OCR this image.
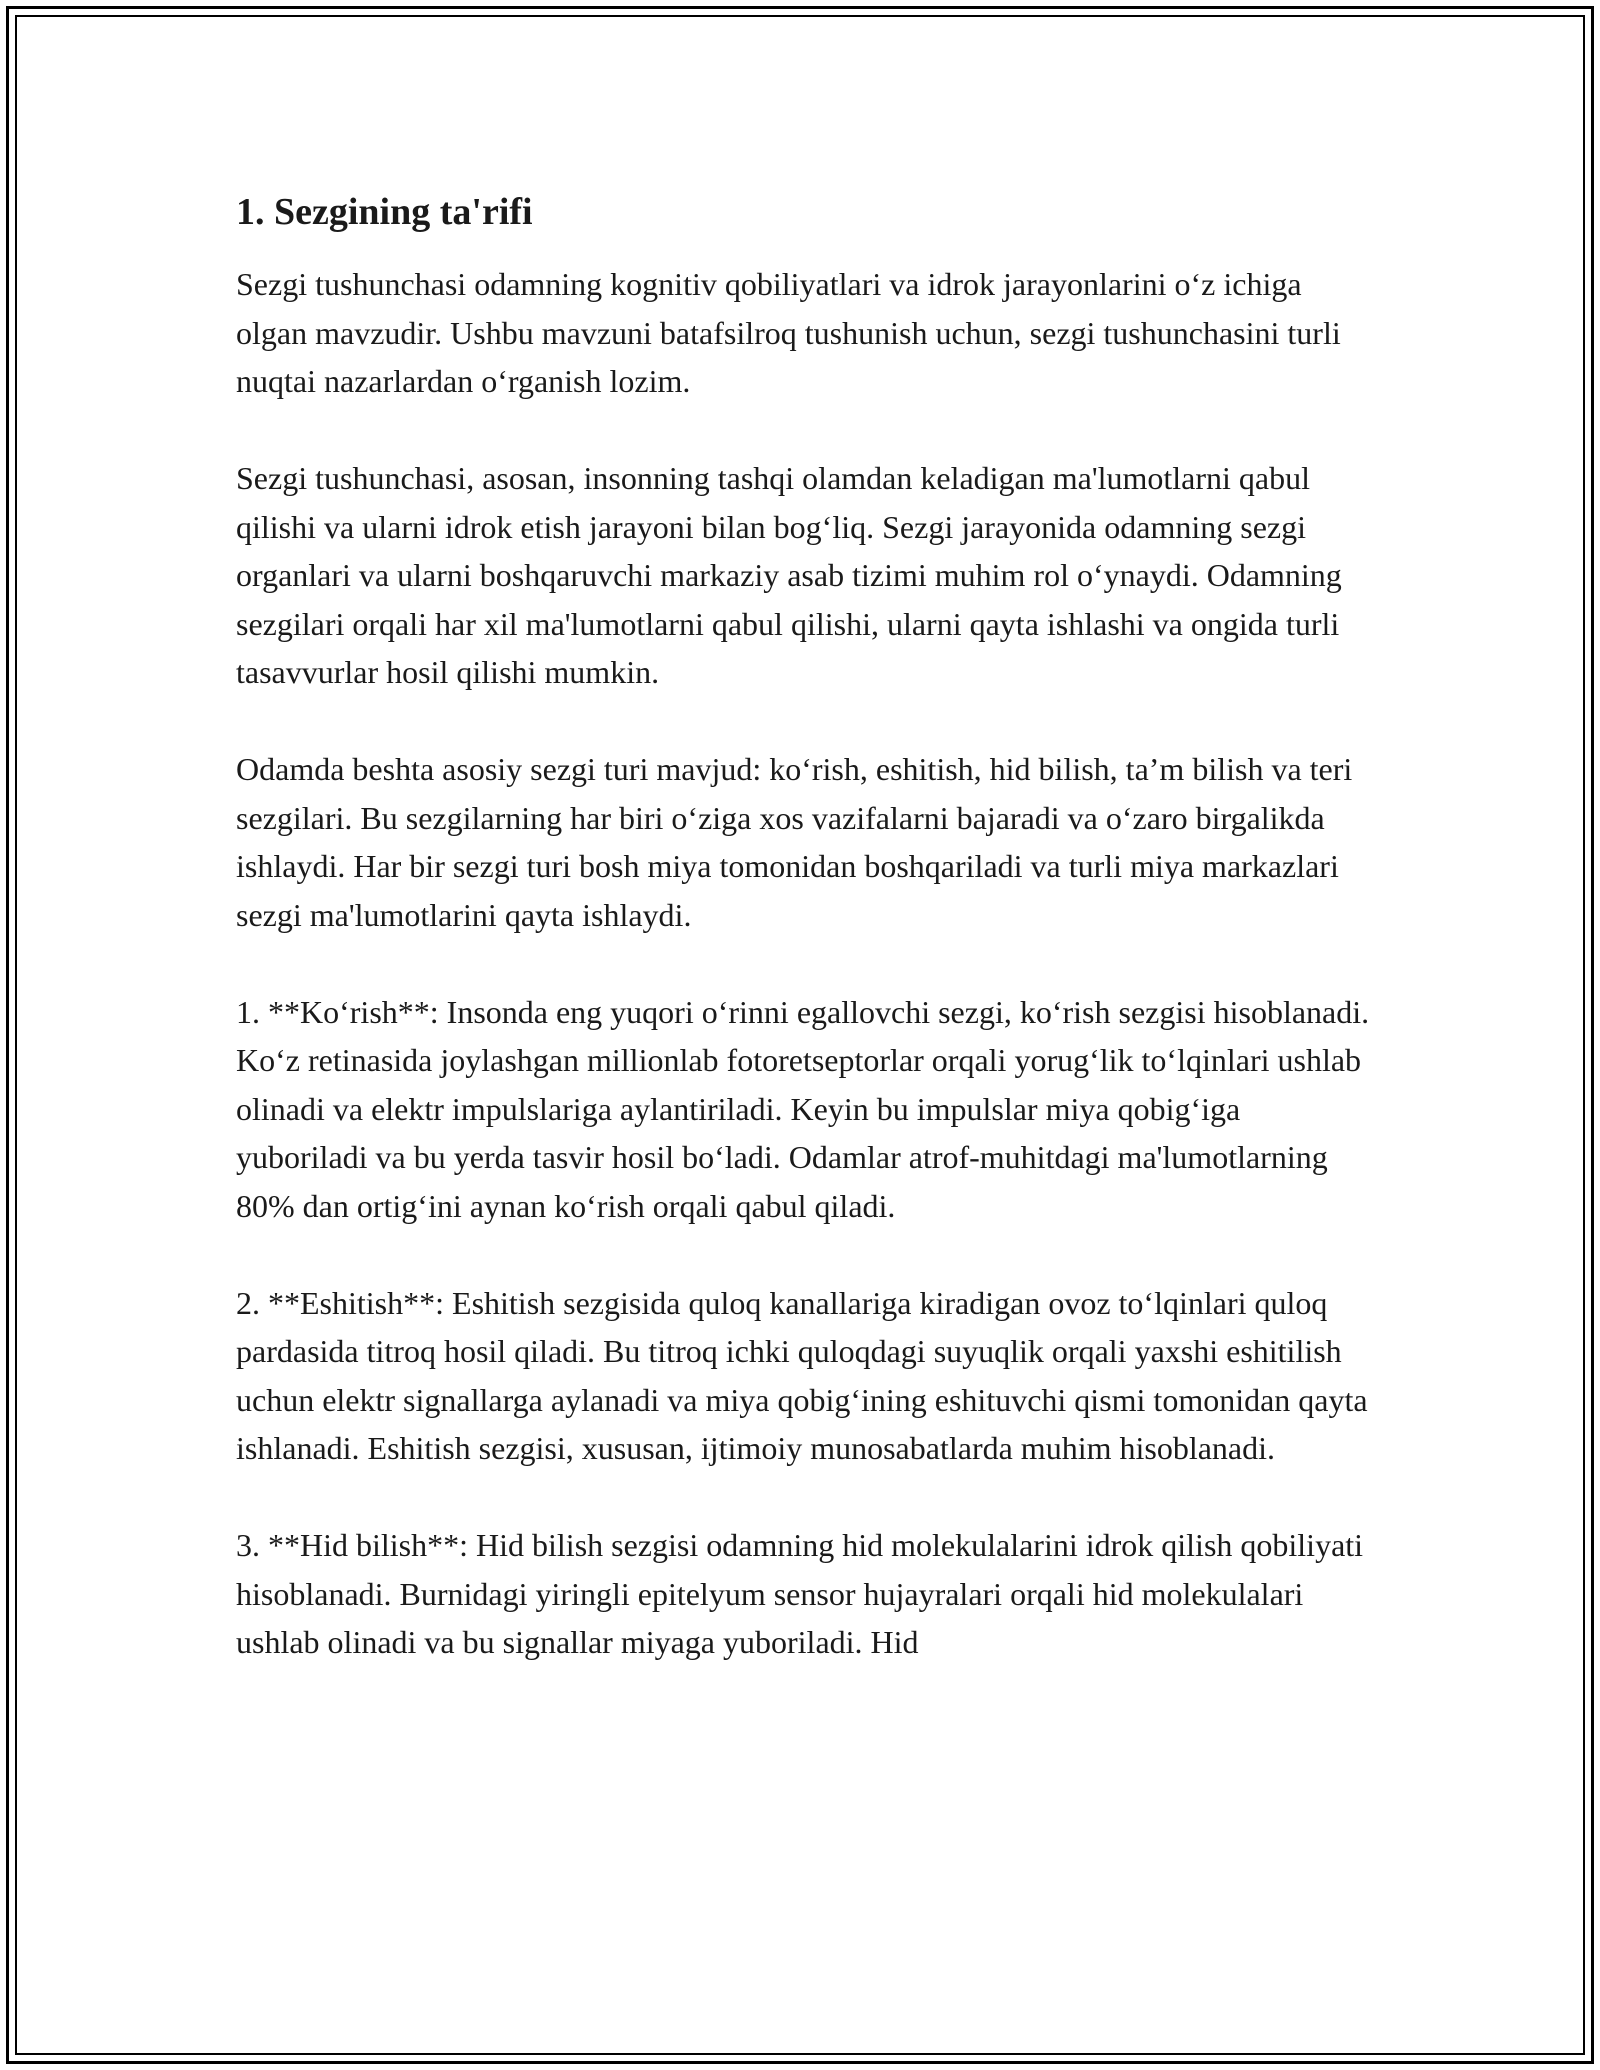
1. Sezgining ta'rifi

Sezgi tushunchasi odamning kognitiv qobiliyatlari va idrok jarayonlarini o‘z ichiga olgan mavzudir. Ushbu mavzuni batafsilroq tushunish uchun, sezgi tushunchasini turli nuqtai nazarlardan o‘rganish lozim.

Sezgi tushunchasi, asosan, insonning tashqi olamdan keladigan ma'lumotlarni qabul qilishi va ularni idrok etish jarayoni bilan bog‘liq. Sezgi jarayonida odamning sezgi organlari va ularni boshqaruvchi markaziy asab tizimi muhim rol o‘ynaydi. Odamning sezgilari orqali har xil ma'lumotlarni qabul qilishi, ularni qayta ishlashi va ongida turli tasavvurlar hosil qilishi mumkin.

Odamda beshta asosiy sezgi turi mavjud: ko‘rish, eshitish, hid bilish, ta’m bilish va teri sezgilari. Bu sezgilarning har biri o‘ziga xos vazifalarni bajaradi va o‘zaro birgalikda ishlaydi. Har bir sezgi turi bosh miya tomonidan boshqariladi va turli miya markazlari sezgi ma'lumotlarini qayta ishlaydi.

1. **Ko‘rish**: Insonda eng yuqori o‘rinni egallovchi sezgi, ko‘rish sezgisi hisoblanadi. Ko‘z retinasida joylashgan millionlab fotoretseptorlar orqali yorug‘lik to‘lqinlari ushlab olinadi va elektr impulslariga aylantiriladi. Keyin bu impulslar miya qobig‘iga yuboriladi va bu yerda tasvir hosil bo‘ladi. Odamlar atrof-muhitdagi ma'lumotlarning 80% dan ortig‘ini aynan ko‘rish orqali qabul qiladi.

2. **Eshitish**: Eshitish sezgisida quloq kanallariga kiradigan ovoz to‘lqinlari quloq pardasida titroq hosil qiladi. Bu titroq ichki quloqdagi suyuqlik orqali yaxshi eshitilish uchun elektr signallarga aylanadi va miya qobig‘ining eshituvchi qismi tomonidan qayta ishlanadi. Eshitish sezgisi, xususan, ijtimoiy munosabatlarda muhim hisoblanadi.

3. **Hid bilish**: Hid bilish sezgisi odamning hid molekulalarini idrok qilish qobiliyati hisoblanadi. Burnidagi yiringli epitelyum sensor hujayralari orqali hid molekulalari ushlab olinadi va bu signallar miyaga yuboriladi. Hid
